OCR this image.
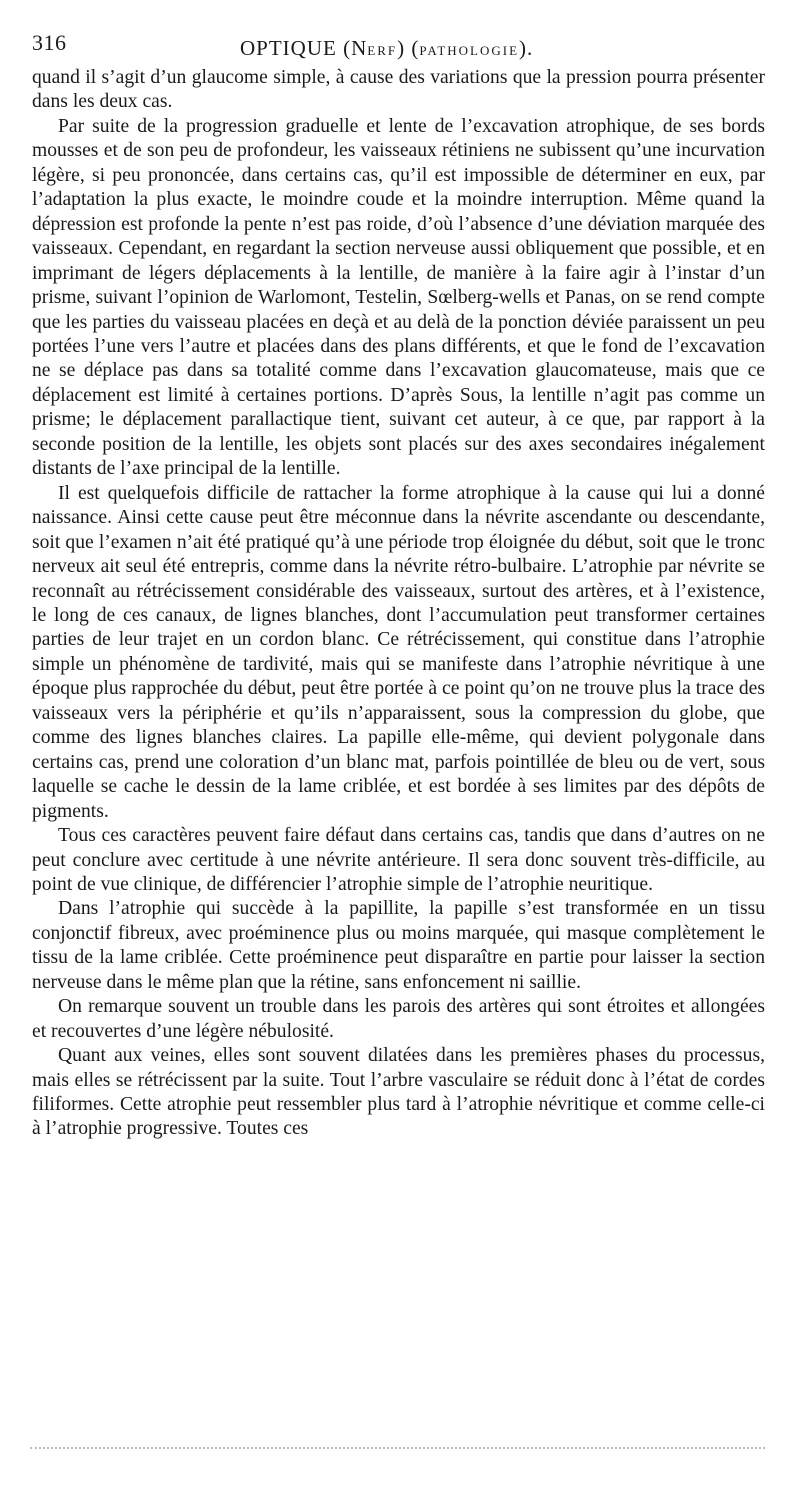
316	OPTIQUE (NERF) (PATHOLOGIE).

quand il s’agit d’un glaucome simple, à cause des variations que la pression pourra présenter dans les deux cas.

Par suite de la progression graduelle et lente de l’excavation atrophique, de ses bords mousses et de son peu de profondeur, les vaisseaux rétiniens ne subissent qu’une incurvation légère, si peu prononcée, dans certains cas, qu’il est impossible de déterminer en eux, par l’adaptation la plus exacte, le moindre coude et la moindre interruption. Même quand la dépression est profonde la pente n’est pas roide, d’où l’absence d’une déviation marquée des vaisseaux. Cependant, en regardant la section nerveuse aussi obliquement que possible, et en imprimant de légers déplacements à la lentille, de manière à la faire agir à l’instar d’un prisme, suivant l’opinion de Warlomont, Testelin, Sœlberg-wells et Panas, on se rend compte que les parties du vaisseau placées en deçà et au delà de la ponction déviée paraissent un peu portées l’une vers l’autre et placées dans des plans différents, et que le fond de l’excavation ne se déplace pas dans sa totalité comme dans l’excavation glaucomateuse, mais que ce déplacement est limité à certaines portions. D’après Sous, la lentille n’agit pas comme un prisme; le déplacement parallactique tient, suivant cet auteur, à ce que, par rapport à la seconde position de la lentille, les objets sont placés sur des axes secondaires inégalement distants de l’axe principal de la lentille.

Il est quelquefois difficile de rattacher la forme atrophique à la cause qui lui a donné naissance. Ainsi cette cause peut être méconnue dans la névrite ascendante ou descendante, soit que l’examen n’ait été pratiqué qu’à une période trop éloignée du début, soit que le tronc nerveux ait seul été entrepris, comme dans la névrite rétro-bulbaire. L’atrophie par névrite se reconnaît au rétrécissement considérable des vaisseaux, surtout des artères, et à l’existence, le long de ces canaux, de lignes blanches, dont l’accumulation peut transformer certaines parties de leur trajet en un cordon blanc. Ce rétrécissement, qui constitue dans l’atrophie simple un phénomène de tardivité, mais qui se manifeste dans l’atrophie névritique à une époque plus rapprochée du début, peut être portée à ce point qu’on ne trouve plus la trace des vaisseaux vers la périphérie et qu’ils n’apparaissent, sous la compression du globe, que comme des lignes blanches claires. La papille elle-même, qui devient polygonale dans certains cas, prend une coloration d’un blanc mat, parfois pointillée de bleu ou de vert, sous laquelle se cache le dessin de la lame criblée, et est bordée à ses limites par des dépôts de pigments.

Tous ces caractères peuvent faire défaut dans certains cas, tandis que dans d’autres on ne peut conclure avec certitude à une névrite antérieure. Il sera donc souvent très-difficile, au point de vue clinique, de différencier l’atrophie simple de l’atrophie neuritique.

Dans l’atrophie qui succède à la papillite, la papille s’est transformée en un tissu conjonctif fibreux, avec proéminence plus ou moins marquée, qui masque complètement le tissu de la lame criblée. Cette proéminence peut disparaître en partie pour laisser la section nerveuse dans le même plan que la rétine, sans enfoncement ni saillie.

On remarque souvent un trouble dans les parois des artères qui sont étroites et allongées et recouvertes d’une légère nébulosité.

Quant aux veines, elles sont souvent dilatées dans les premières phases du processus, mais elles se rétrécissent par la suite. Tout l’arbre vasculaire se réduit donc à l’état de cordes filiformes. Cette atrophie peut ressembler plus tard à l’atrophie névritique et comme celle-ci à l’atrophie progressive. Toutes ces
